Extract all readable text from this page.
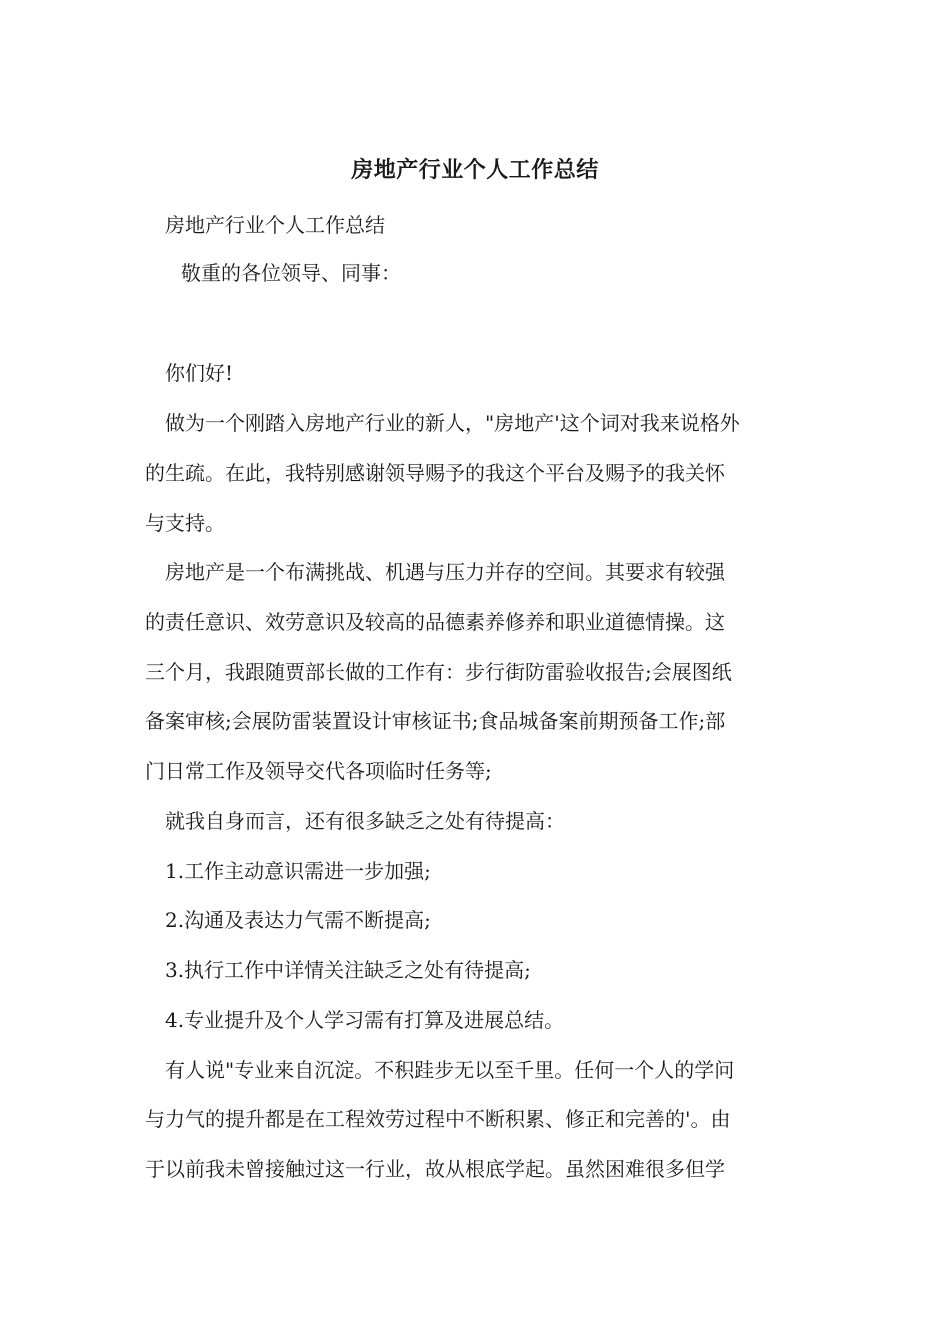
房地产行业个人工作总结
房地产行业个人工作总结
敬重的各位领导、同事：
你们好!
做为一个刚踏入房地产行业的新人，"房地产'这个词对我来说格外
的生疏。在此，我特别感谢领导赐予的我这个平台及赐予的我关怀
与支持。
房地产是一个布满挑战、机遇与压力并存的空间。其要求有较强
的责任意识、效劳意识及较高的品德素养修养和职业道德情操。这
三个月，我跟随贾部长做的工作有：步行街防雷验收报告;会展图纸
备案审核;会展防雷装置设计审核证书;食品城备案前期预备工作;部
门日常工作及领导交代各项临时任务等;
就我自身而言，还有很多缺乏之处有待提高：
1.工作主动意识需进一步加强;
2.沟通及表达力气需不断提高;
3.执行工作中详情关注缺乏之处有待提高;
4.专业提升及个人学习需有打算及进展总结。
有人说"专业来自沉淀。不积跬步无以至千里。任何一个人的学问
与力气的提升都是在工程效劳过程中不断积累、修正和完善的'。由
于以前我未曾接触过这一行业，故从根底学起。虽然困难很多但学
